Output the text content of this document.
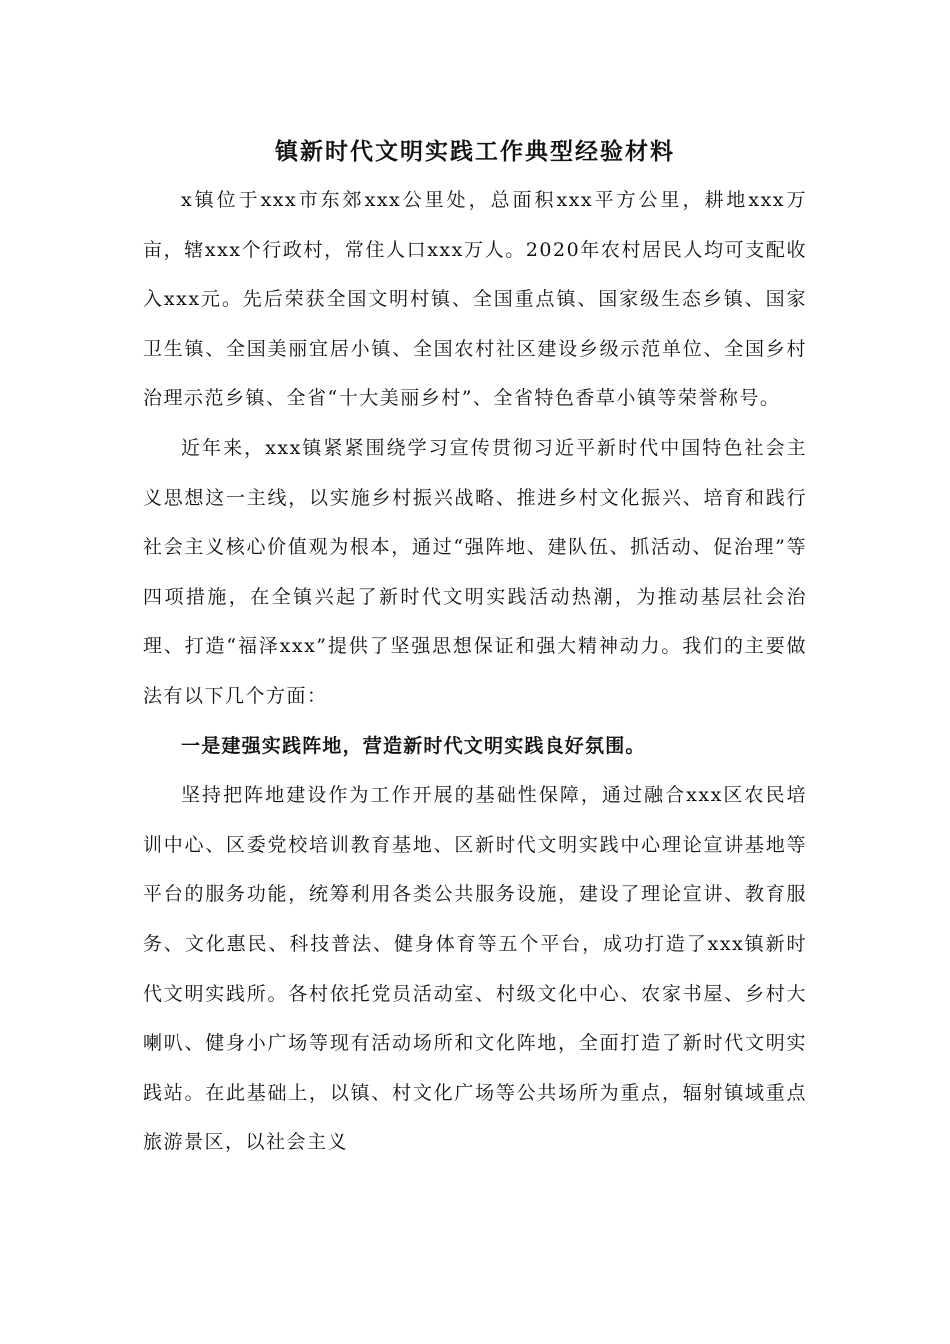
镇新时代文明实践工作典型经验材料

x镇位于xxx市东郊xxx公里处，总面积xxx平方公里，耕地xxx万亩，辖xxx个行政村，常住人口xxx万人。2020年农村居民人均可支配收入xxx元。先后荣获全国文明村镇、全国重点镇、国家级生态乡镇、国家卫生镇、全国美丽宜居小镇、全国农村社区建设乡级示范单位、全国乡村治理示范乡镇、全省“十大美丽乡村”、全省特色香草小镇等荣誉称号。

近年来，xxx镇紧紧围绕学习宣传贯彻习近平新时代中国特色社会主义思想这一主线，以实施乡村振兴战略、推进乡村文化振兴、培育和践行社会主义核心价值观为根本，通过“强阵地、建队伍、抓活动、促治理”等四项措施，在全镇兴起了新时代文明实践活动热潮，为推动基层社会治理、打造“福泽xxx”提供了坚强思想保证和强大精神动力。我们的主要做法有以下几个方面：

一是建强实践阵地，营造新时代文明实践良好氛围。

坚持把阵地建设作为工作开展的基础性保障，通过融合xxx区农民培训中心、区委党校培训教育基地、区新时代文明实践中心理论宣讲基地等平台的服务功能，统筹利用各类公共服务设施，建设了理论宣讲、教育服务、文化惠民、科技普法、健身体育等五个平台，成功打造了xxx镇新时代文明实践所。各村依托党员活动室、村级文化中心、农家书屋、乡村大喇叭、健身小广场等现有活动场所和文化阵地，全面打造了新时代文明实践站。在此基础上，以镇、村文化广场等公共场所为重点，辐射镇域重点旅游景区，以社会主义
